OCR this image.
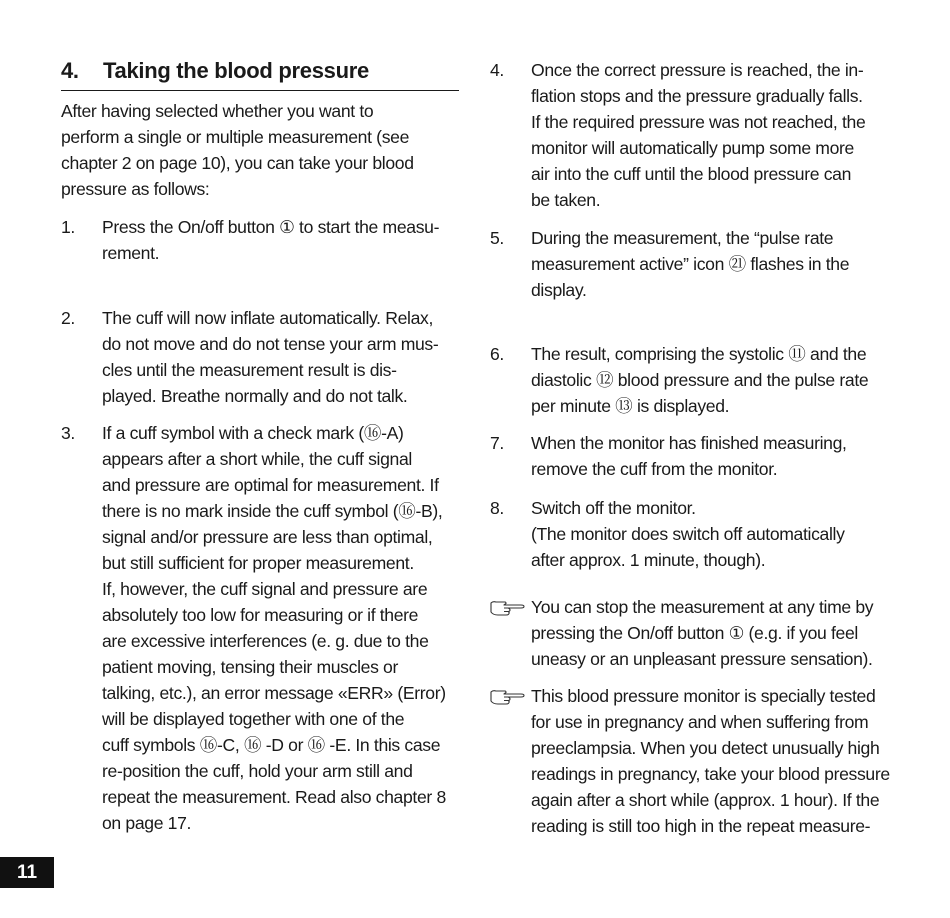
4. Taking the blood pressure
After having selected whether you want to
perform a single or multiple measurement (see
chapter 2 on page 10), you can take your blood
pressure as follows:
1. Press the On/off button ① to start the measu-
rement.
2. The cuff will now inflate automatically. Relax,
do not move and do not tense your arm mus-
cles until the measurement result is dis-
played. Breathe normally and do not talk.
3. If a cuff symbol with a check mark (⑯-A)
appears after a short while, the cuff signal
and pressure are optimal for measurement. If
there is no mark inside the cuff symbol (⑯-B),
signal and/or pressure are less than optimal,
but still sufficient for proper measurement.
If, however, the cuff signal and pressure are
absolutely too low for measuring or if there
are excessive interferences (e. g. due to the
patient moving, tensing their muscles or
talking, etc.), an error message «ERR» (Error)
will be displayed together with one of the
cuff symbols ⑯-C, ⑯ -D or ⑯ -E. In this case
re-position the cuff, hold your arm still and
repeat the measurement. Read also chapter 8
on page 17.
11
4. Once the correct pressure is reached, the in-
flation stops and the pressure gradually falls.
If the required pressure was not reached, the
monitor will automatically pump some more
air into the cuff until the blood pressure can
be taken.
5. During the measurement, the “pulse rate
measurement active” icon ㉑ flashes in the
display.
6. The result, comprising the systolic ⑪ and the
diastolic ⑫ blood pressure and the pulse rate
per minute ⑬ is displayed.
7. When the monitor has finished measuring,
remove the cuff from the monitor.
8. Switch off the monitor.
(The monitor does switch off automatically
after approx. 1 minute, though).
You can stop the measurement at any time by
pressing the On/off button ① (e.g. if you feel
uneasy or an unpleasant pressure sensation).
This blood pressure monitor is specially tested
for use in pregnancy and when suffering from
preeclampsia. When you detect unusually high
readings in pregnancy, take your blood pressure
again after a short while (approx. 1 hour). If the
reading is still too high in the repeat measure-
